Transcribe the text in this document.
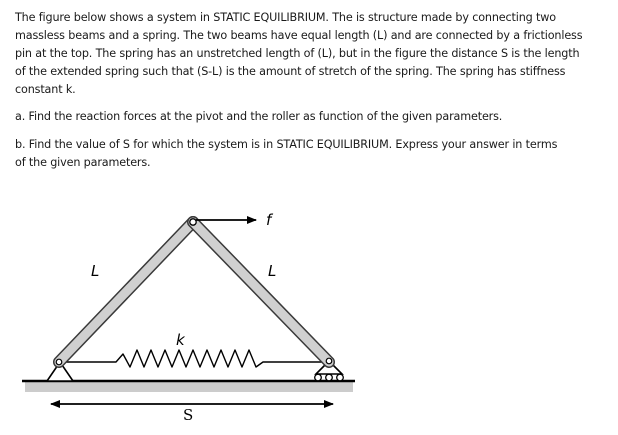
The figure below shows a system in STATIC EQUILIBRIUM. The is structure made by connecting two

massless beams and a spring. The two beams have equal length (L) and are connected by a frictionless

pin at the top. The spring has an unstretched length of (L), but in the figure the distance S is the length

of the extended spring such that (S-L) is the amount of stretch of the spring. The spring has stiffness

constant k.

a. Find the reaction forces at the pivot and the roller as function of the given parameters.

b. Find the value of S for which the system is in STATIC EQUILIBRIUM. Express your answer in terms

of the given parameters.

f
L	L
k
S
